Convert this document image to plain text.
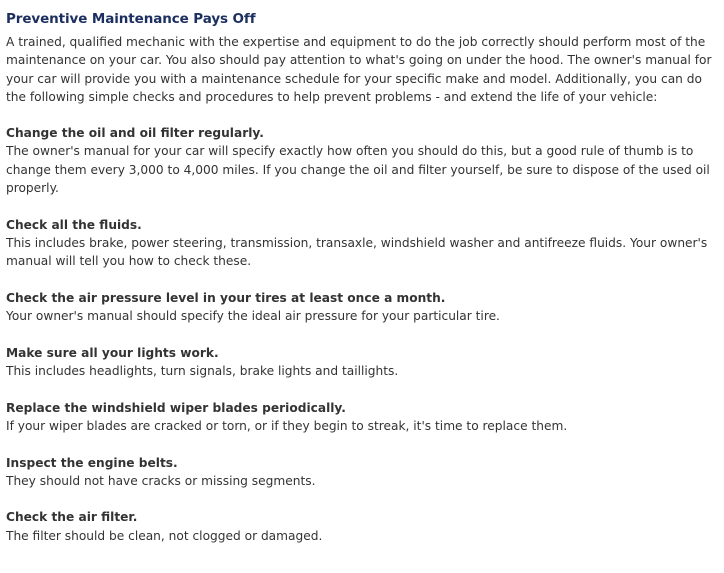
Preventive Maintenance Pays Off
A trained, qualified mechanic with the expertise and equipment to do the job correctly should perform most of the maintenance on your car. You also should pay attention to what's going on under the hood. The owner's manual for your car will provide you with a maintenance schedule for your specific make and model. Additionally, you can do the following simple checks and procedures to help prevent problems - and extend the life of your vehicle:
Change the oil and oil filter regularly.
The owner's manual for your car will specify exactly how often you should do this, but a good rule of thumb is to change them every 3,000 to 4,000 miles. If you change the oil and filter yourself, be sure to dispose of the used oil properly.
Check all the fluids.
This includes brake, power steering, transmission, transaxle, windshield washer and antifreeze fluids. Your owner's manual will tell you how to check these.
Check the air pressure level in your tires at least once a month.
Your owner's manual should specify the ideal air pressure for your particular tire.
Make sure all your lights work.
This includes headlights, turn signals, brake lights and taillights.
Replace the windshield wiper blades periodically.
If your wiper blades are cracked or torn, or if they begin to streak, it's time to replace them.
Inspect the engine belts.
They should not have cracks or missing segments.
Check the air filter.
The filter should be clean, not clogged or damaged.
